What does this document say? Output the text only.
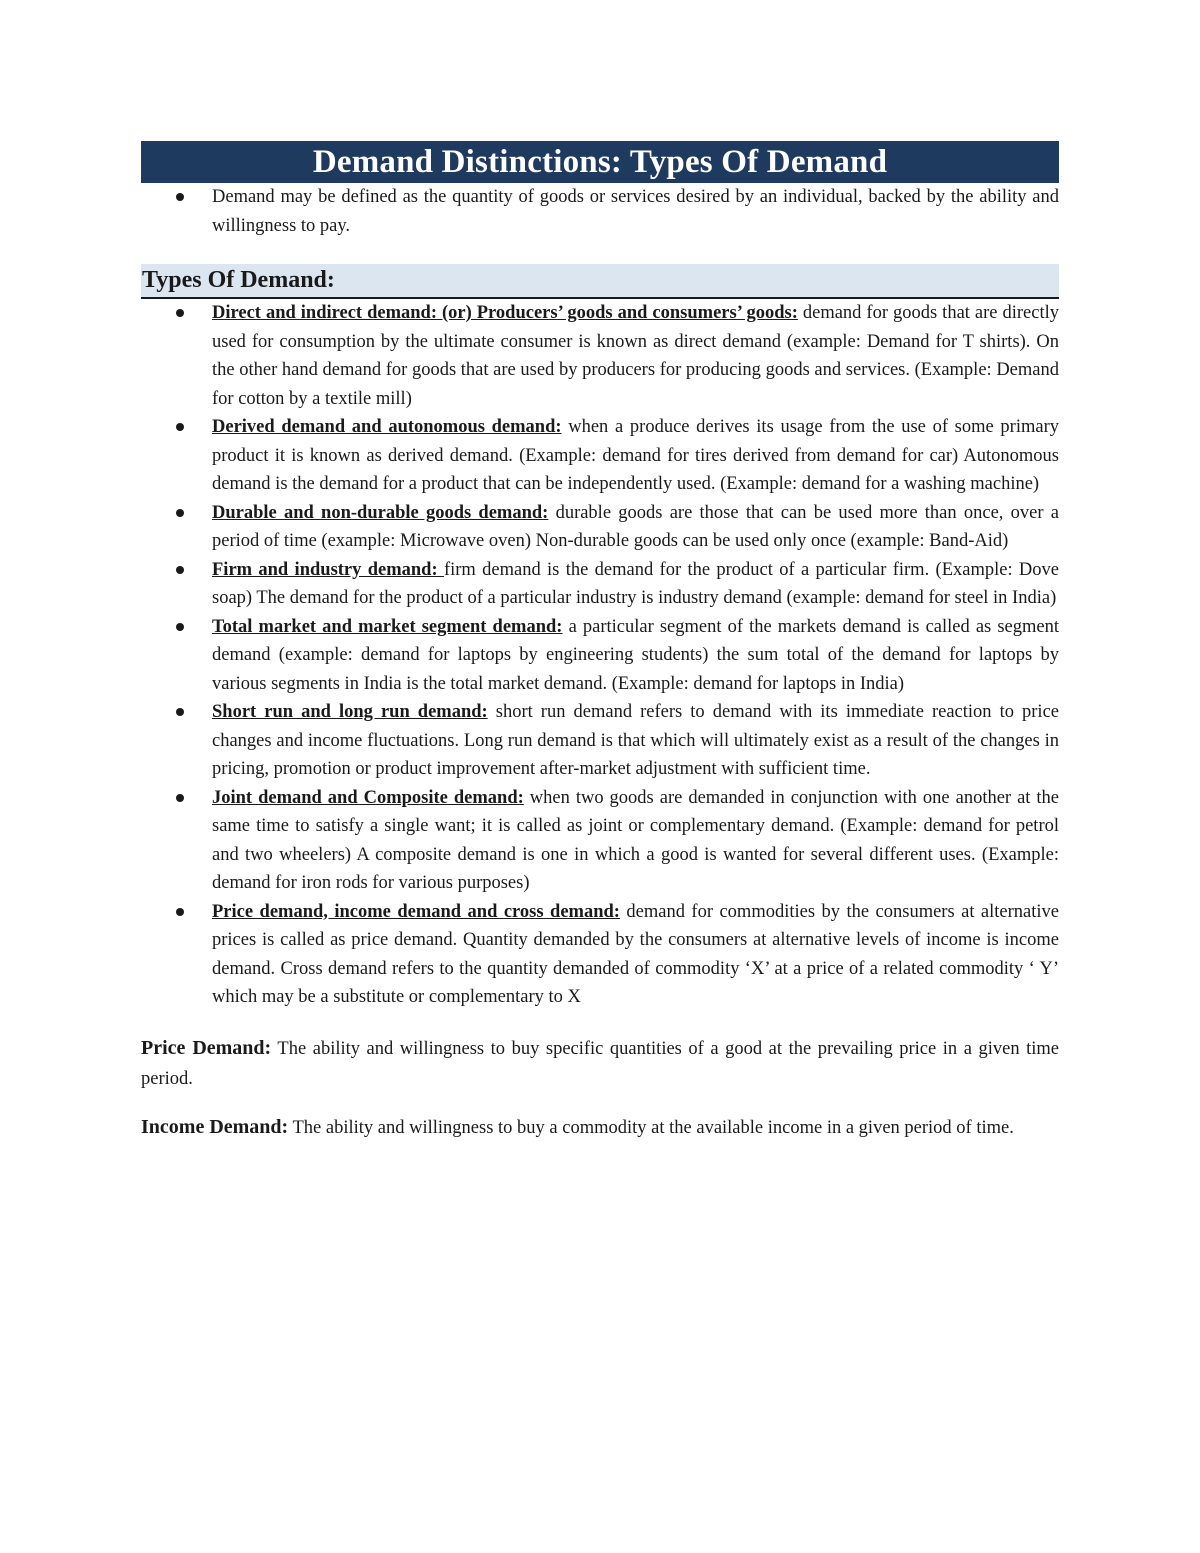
Demand Distinctions: Types Of Demand
Demand may be defined as the quantity of goods or services desired by an individual, backed by the ability and willingness to pay.
Types Of Demand:
Direct and indirect demand: (or) Producers’ goods and consumers’ goods: demand for goods that are directly used for consumption by the ultimate consumer is known as direct demand (example: Demand for T shirts). On the other hand demand for goods that are used by producers for producing goods and services. (Example: Demand for cotton by a textile mill)
Derived demand and autonomous demand: when a produce derives its usage from the use of some primary product it is known as derived demand. (Example: demand for tires derived from demand for car) Autonomous demand is the demand for a product that can be independently used. (Example: demand for a washing machine)
Durable and non-durable goods demand: durable goods are those that can be used more than once, over a period of time (example: Microwave oven) Non-durable goods can be used only once (example: Band-Aid)
Firm and industry demand: firm demand is the demand for the product of a particular firm. (Example: Dove soap) The demand for the product of a particular industry is industry demand (example: demand for steel in India)
Total market and market segment demand: a particular segment of the markets demand is called as segment demand (example: demand for laptops by engineering students) the sum total of the demand for laptops by various segments in India is the total market demand. (Example: demand for laptops in India)
Short run and long run demand: short run demand refers to demand with its immediate reaction to price changes and income fluctuations. Long run demand is that which will ultimately exist as a result of the changes in pricing, promotion or product improvement after-market adjustment with sufficient time.
Joint demand and Composite demand: when two goods are demanded in conjunction with one another at the same time to satisfy a single want; it is called as joint or complementary demand. (Example: demand for petrol and two wheelers) A composite demand is one in which a good is wanted for several different uses. (Example: demand for iron rods for various purposes)
Price demand, income demand and cross demand: demand for commodities by the consumers at alternative prices is called as price demand. Quantity demanded by the consumers at alternative levels of income is income demand. Cross demand refers to the quantity demanded of commodity ‘X’ at a price of a related commodity ‘ Y’ which may be a substitute or complementary to X

Price Demand: The ability and willingness to buy specific quantities of a good at the prevailing price in a given time period.

Income Demand: The ability and willingness to buy a commodity at the available income in a given period of time.
